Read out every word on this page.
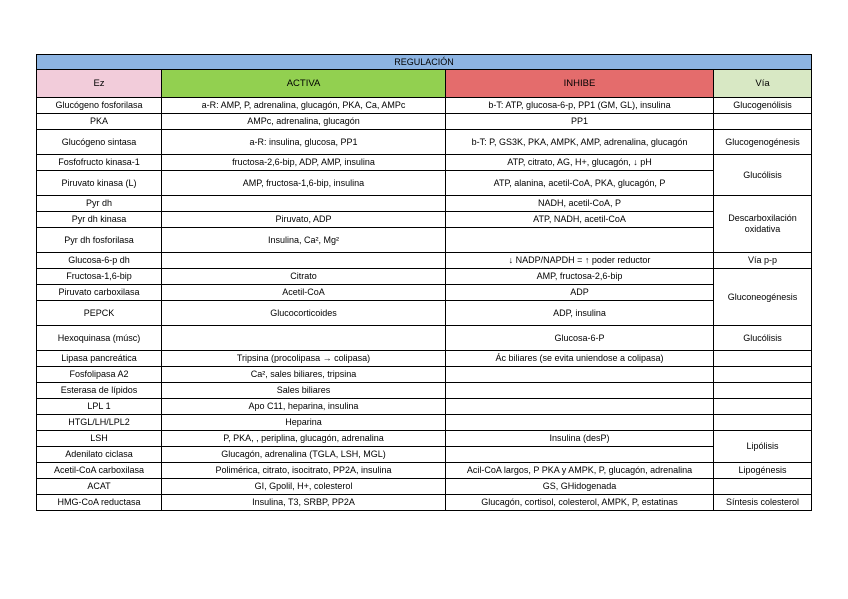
REGULACIÓN			
Ez	ACTIVA	INHIBE	Vía
Glucógeno fosforilasa	a-R: AMP, P, adrenalina, glucagón, PKA, Ca, AMPc	b-T: ATP, glucosa-6-p, PP1 (GM, GL), insulina	Glucogenólisis
PKA	AMPc, adrenalina, glucagón	PP1	
Glucógeno sintasa	a-R: insulina, glucosa, PP1	b-T: P, GS3K, PKA, AMPK, AMP, adrenalina, glucagón	Glucogenogénesis
Fosfofructo kinasa-1	fructosa-2,6-bip, ADP, AMP, insulina	ATP, citrato, AG, H+, glucagón, ↓ pH	Glucólisis
Piruvato kinasa (L)	AMP, fructosa-1,6-bip, insulina	ATP, alanina, acetil-CoA, PKA, glucagón, P	
Pyr dh		NADH, acetil-CoA, P	Descarboxilación oxidativa
Pyr dh kinasa	Piruvato, ADP	ATP, NADH, acetil-CoA	
Pyr dh fosforilasa	Insulina, Ca², Mg²		
Glucosa-6-p dh		↓ NADP/NAPDH = ↑ poder reductor	Vía p-p
Fructosa-1,6-bip	Citrato	AMP, fructosa-2,6-bip	Gluconeogénesis
Piruvato carboxilasa	Acetil-CoA	ADP	
PEPCK	Glucocorticoides	ADP, insulina	
Hexoquinasa (músc)		Glucosa-6-P	Glucólisis
Lipasa pancreática	Tripsina (procolipasa → colipasa)	Ác biliares (se evita uniendose a colipasa)	
Fosfolipasa A2	Ca², sales biliares, tripsina		
Esterasa de lípidos	Sales biliares		
LPL 1	Apo C11, heparina, insulina		
HTGL/LH/LPL2	Heparina		
LSH	P, PKA, , periplina, glucagón, adrenalina	Insulina (desP)	Lipólisis
Adenilato ciclasa	Glucagón, adrenalina (TGLA, LSH, MGL)		
Acetil-CoA carboxilasa	Polimérica, citrato, isocitrato, PP2A, insulina	Acil-CoA largos, P PKA y AMPK, P, glucagón, adrenalina	Lipogénesis
ACAT	GI, Gpolil, H+, colesterol	GS, GHidogenada	
HMG-CoA reductasa	Insulina, T3, SRBP, PP2A	Glucagón, cortisol, colesterol, AMPK, P, estatinas	Síntesis colesterol
